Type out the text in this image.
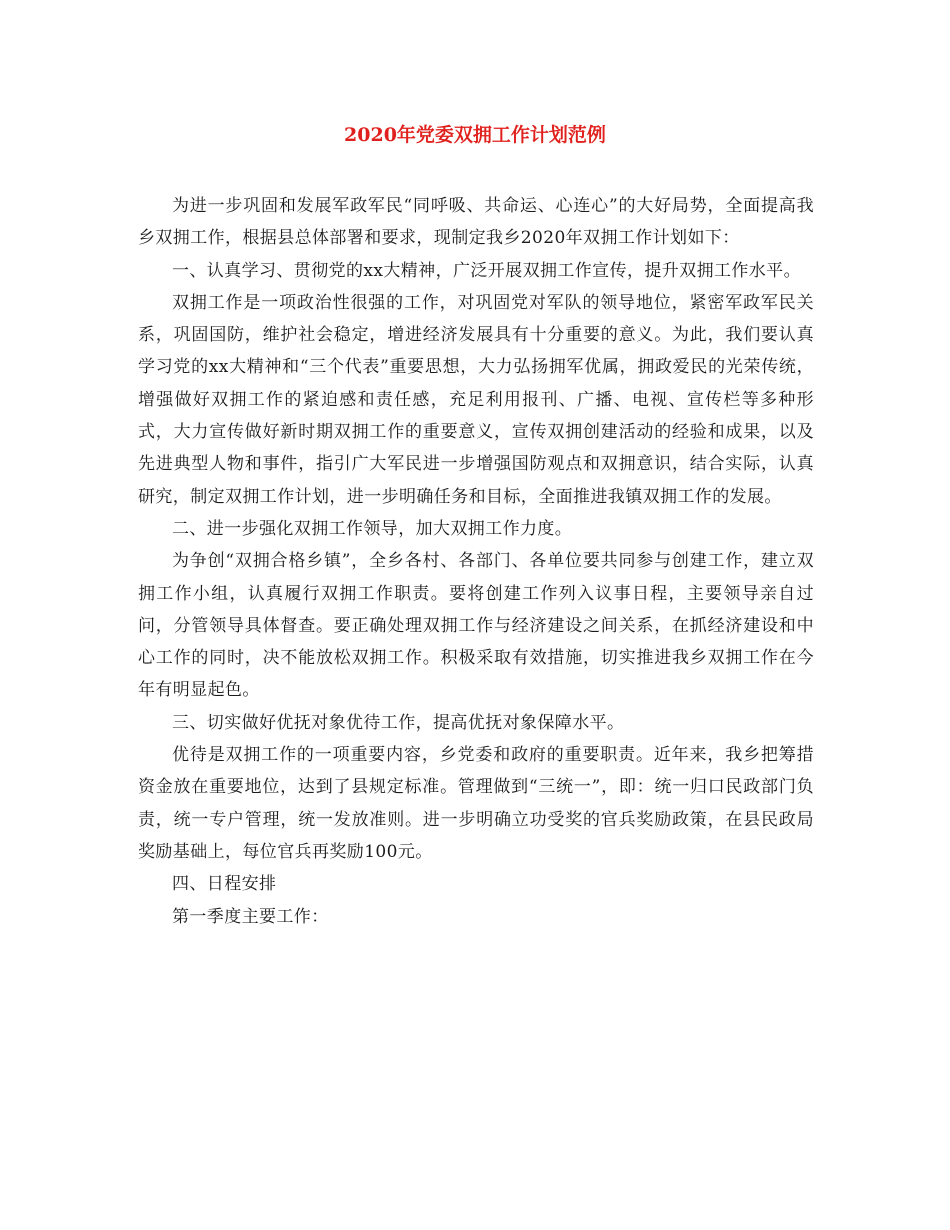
2020年党委双拥工作计划范例

为进一步巩固和发展军政军民“同呼吸、共命运、心连心”的大好局势，全面提高我乡双拥工作，根据县总体部署和要求，现制定我乡2020年双拥工作计划如下：

一、认真学习、贯彻党的xx大精神，广泛开展双拥工作宣传，提升双拥工作水平。

双拥工作是一项政治性很强的工作，对巩固党对军队的领导地位，紧密军政军民关系，巩固国防，维护社会稳定，增进经济发展具有十分重要的意义。为此，我们要认真学习党的xx大精神和“三个代表”重要思想，大力弘扬拥军优属，拥政爱民的光荣传统，增强做好双拥工作的紧迫感和责任感，充足利用报刊、广播、电视、宣传栏等多种形式，大力宣传做好新时期双拥工作的重要意义，宣传双拥创建活动的经验和成果，以及先进典型人物和事件，指引广大军民进一步增强国防观点和双拥意识，结合实际，认真研究，制定双拥工作计划，进一步明确任务和目标，全面推进我镇双拥工作的发展。

二、进一步强化双拥工作领导，加大双拥工作力度。

为争创“双拥合格乡镇”，全乡各村、各部门、各单位要共同参与创建工作，建立双拥工作小组，认真履行双拥工作职责。要将创建工作列入议事日程，主要领导亲自过问，分管领导具体督查。要正确处理双拥工作与经济建设之间关系，在抓经济建设和中心工作的同时，决不能放松双拥工作。积极采取有效措施，切实推进我乡双拥工作在今年有明显起色。

三、切实做好优抚对象优待工作，提高优抚对象保障水平。

优待是双拥工作的一项重要内容，乡党委和政府的重要职责。近年来，我乡把筹措资金放在重要地位，达到了县规定标准。管理做到“三统一”，即：统一归口民政部门负责，统一专户管理，统一发放准则。进一步明确立功受奖的官兵奖励政策，在县民政局奖励基础上，每位官兵再奖励100元。

四、日程安排

第一季度主要工作：
